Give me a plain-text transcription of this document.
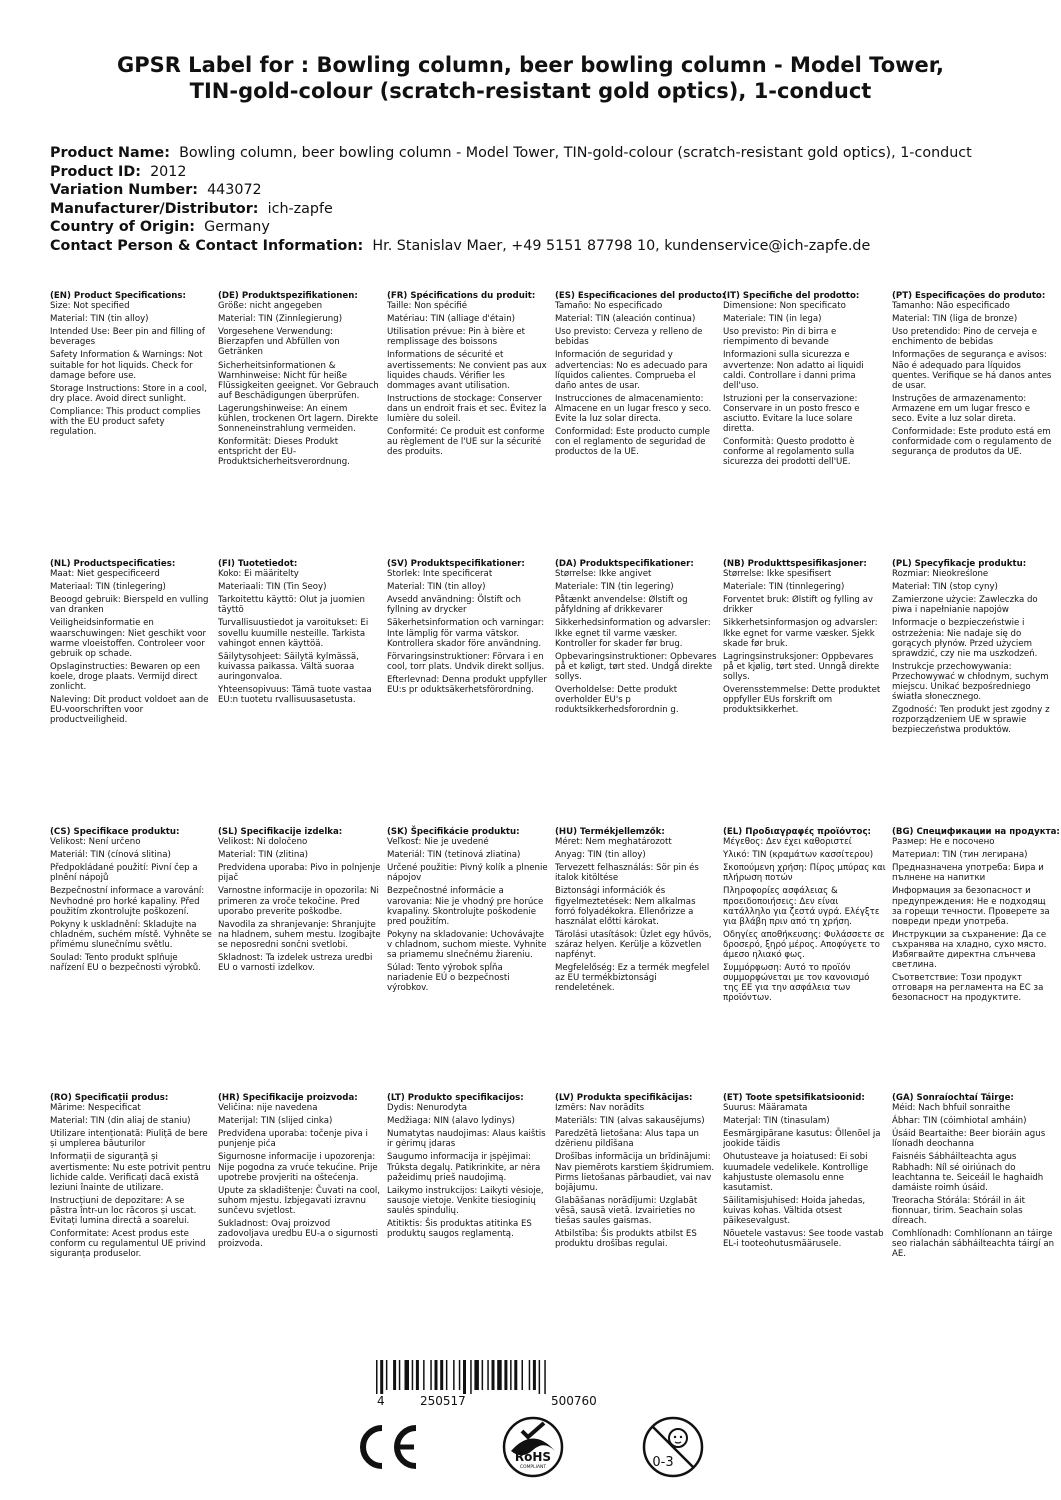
GPSR Label for : Bowling column, beer bowling column - Model Tower,
TIN-gold-colour (scratch-resistant gold optics), 1-conduct
Product Name: Bowling column, beer bowling column - Model Tower, TIN-gold-colour (scratch-resistant gold optics), 1-conduct
Product ID: 2012
Variation Number: 443072
Manufacturer/Distributor: ich-zapfe
Country of Origin: Germany
Contact Person & Contact Information: Hr. Stanislav Maer, +49 5151 87798 10, kundenservice@ich-zapfe.de
(EN) Product Specifications:
Size: Not specified
Material: TIN (tin alloy)
Intended Use: Beer pin and filling of beverages
Safety Information & Warnings: Not suitable for hot liquids. Check for damage before use.
Storage Instructions: Store in a cool, dry place. Avoid direct sunlight.
Compliance: This product complies with the EU product safety regulation.
(DE) Produktspezifikationen:
Größe: nicht angegeben
Material: TIN (Zinnlegierung)
Vorgesehene Verwendung: Bierzapfen und Abfüllen von Getränken
Sicherheitsinformationen & Warnhinweise: Nicht für heiße Flüssigkeiten geeignet. Vor Gebrauch auf Beschädigungen überprüfen.
Lagerungshinweise: An einem kühlen, trockenen Ort lagern. Direkte Sonneneinstrahlung vermeiden.
Konformität: Dieses Produkt entspricht der EU-Produktsicherheitsverordnung.
(FR) Spécifications du produit:
Taille: Non spécifié
Matériau: TIN (alliage d'étain)
Utilisation prévue: Pin à bière et remplissage des boissons
Informations de sécurité et avertissements: Ne convient pas aux liquides chauds. Vérifier les dommages avant utilisation.
Instructions de stockage: Conserver dans un endroit frais et sec. Évitez la lumière du soleil.
Conformité: Ce produit est conforme au règlement de l'UE sur la sécurité des produits.
(ES) Especificaciones del producto:
Tamaño: No especificado
Material: TIN (aleación continua)
Uso previsto: Cerveza y relleno de bebidas
Información de seguridad y advertencias: No es adecuado para líquidos calientes. Comprueba el daño antes de usar.
Instrucciones de almacenamiento: Almacene en un lugar fresco y seco. Evite la luz solar directa.
Conformidad: Este producto cumple con el reglamento de seguridad de productos de la UE.
(IT) Specifiche del prodotto:
Dimensione: Non specificato
Materiale: TIN (in lega)
Uso previsto: Pin di birra e riempimento di bevande
Informazioni sulla sicurezza e avvertenze: Non adatto ai liquidi caldi. Controllare i danni prima dell'uso.
Istruzioni per la conservazione: Conservare in un posto fresco e asciutto. Evitare la luce solare diretta.
Conformità: Questo prodotto è conforme al regolamento sulla sicurezza dei prodotti dell'UE.
(PT) Especificações do produto:
Tamanho: Não especificado
Material: TIN (liga de bronze)
Uso pretendido: Pino de cerveja e enchimento de bebidas
Informações de segurança e avisos: Não é adequado para líquidos quentes. Verifique se há danos antes de usar.
Instruções de armazenamento: Armazene em um lugar fresco e seco. Evite a luz solar direta.
Conformidade: Este produto está em conformidade com o regulamento de segurança de produtos da UE.
(NL) Productspecificaties:
Maat: Niet gespecificeerd
Materiaal: TIN (tinlegering)
Beoogd gebruik: Bierspeld en vulling van dranken
Veiligheidsinformatie en waarschuwingen: Niet geschikt voor warme vloeistoffen. Controleer voor gebruik op schade.
Opslaginstructies: Bewaren op een koele, droge plaats. Vermijd direct zonlicht.
Naleving: Dit product voldoet aan de EU-voorschriften voor productveiligheid.
(FI) Tuotetiedot:
Koko: Ei määritelty
Materiaali: TIN (Tin Seoy)
Tarkoitettu käyttö: Olut ja juomien täyttö
Turvallisuustiedot ja varoitukset: Ei sovellu kuumille nesteille. Tarkista vahingot ennen käyttöä.
Säilytysohjeet: Säilytä kylmässä, kuivassa paikassa. Vältä suoraa auringonvaloa.
Yhteensopivuus: Tämä tuote vastaa EU:n tuotetu rvallisuusasetusta.
(SV) Produktspecifikationer:
Storlek: Inte specificerat
Material: TIN (tin alloy)
Avsedd användning: Ölstift och fyllning av drycker
Säkerhetsinformation och varningar: Inte lämplig för varma vätskor. Kontrollera skador före användning.
Förvaringsinstruktioner: Förvara i en cool, torr plats. Undvik direkt solljus.
Efterlevnad: Denna produkt uppfyller EU:s pr oduktsäkerhetsförordning.
(DA) Produktspecifikationer:
Størrelse: Ikke angivet
Materiale: TIN (tin legering)
Påtænkt anvendelse: Ølstift og påfyldning af drikkevarer
Sikkerhedsinformation og advarsler: Ikke egnet til varme væsker. Kontroller for skader før brug.
Opbevaringsinstruktioner: Opbevares på et køligt, tørt sted. Undgå direkte sollys.
Overholdelse: Dette produkt overholder EU's p roduktsikkerhedsforordnin g.
(NB) Produkttspesifikasjoner:
Størrelse: Ikke spesifisert
Materiale: TIN (tinnlegering)
Forventet bruk: Ølstift og fylling av drikker
Sikkerhetsinformasjon og advarsler: Ikke egnet for varme væsker. Sjekk skade før bruk.
Lagringsinstruksjoner: Oppbevares på et kjølig, tørt sted. Unngå direkte sollys.
Overensstemmelse: Dette produktet oppfyller EUs forskrift om produktsikkerhet.
(PL) Specyfikacje produktu:
Rozmiar: Nieokreślone
Materiał: TIN (stop cyny)
Zamierzone użycie: Zawleczka do piwa i napełnianie napojów
Informacje o bezpieczeństwie i ostrzeżenia: Nie nadaje się do gorących płynów. Przed użyciem sprawdzić, czy nie ma uszkodzeń.
Instrukcje przechowywania: Przechowywać w chłodnym, suchym miejscu. Unikać bezpośredniego światła słonecznego.
Zgodność: Ten produkt jest zgodny z rozporządzeniem UE w sprawie bezpieczeństwa produktów.
(CS) Specifikace produktu:
Velikost: Není určeno
Materiál: TIN (cínová slitina)
Předpokládané použití: Pivní čep a plnění nápojů
Bezpečnostní informace a varování: Nevhodné pro horké kapaliny. Před použitím zkontrolujte poškození.
Pokyny k uskladnění: Skladujte na chladném, suchém místě. Vyhněte se přímému slunečnímu světlu.
Soulad: Tento produkt splňuje nařízení EU o bezpečnosti výrobků.
(SL) Specifikacije izdelka:
Velikost: Ni določeno
Material: TIN (zlitina)
Predvidena uporaba: Pivo in polnjenje pijač
Varnostne informacije in opozorila: Ni primeren za vroče tekočine. Pred uporabo preverite poškodbe.
Navodila za shranjevanje: Shranjujte na hladnem, suhem mestu. Izogibajte se neposredni sončni svetlobi.
Skladnost: Ta izdelek ustreza uredbi EU o varnosti izdelkov.
(SK) Špecifikácie produktu:
Veľkosť: Nie je uvedené
Materiál: TIN (tetinová zliatina)
Určené použitie: Pivný kolík a plnenie nápojov
Bezpečnostné informácie a varovania: Nie je vhodný pre horúce kvapaliny. Skontrolujte poškodenie pred použitím.
Pokyny na skladovanie: Uchovávajte v chladnom, suchom mieste. Vyhnite sa priamemu slnečnému žiareniu.
Súlad: Tento výrobok spĺňa nariadenie EÚ o bezpečnosti výrobkov.
(HU) Termékjellemzők:
Méret: Nem meghatározott
Anyag: TIN (tin alloy)
Tervezett felhasználás: Sör pin és italok kitöltése
Biztonsági információk és figyelmeztetések: Nem alkalmas forró folyadékokra. Ellenőrizze a használat előtti károkat.
Tárolási utasítások: Üzlet egy hűvös, száraz helyen. Kerülje a közvetlen napfényt.
Megfelelőség: Ez a termék megfelel az EU termékbiztonsági rendeletének.
(EL) Προδιαγραφές προϊόντος:
Μέγεθος: Δεν έχει καθοριστεί
Υλικό: TIN (κραμάτων κασσίτερου)
Σκοπούμενη χρήση: Πίρος μπύρας και πλήρωση ποτών
Πληροφορίες ασφάλειας & προειδοποιήσεις: Δεν είναι κατάλληλο για ζεστά υγρά. Ελέγξτε για βλάβη πριν από τη χρήση.
Οδηγίες αποθήκευσης: Φυλάσσετε σε δροσερό, ξηρό μέρος. Αποφύγετε το άμεσο ηλιακό φως.
Συμμόρφωση: Αυτό το προϊόν συμμορφώνεται με τον κανονισμό της ΕΕ για την ασφάλεια των προϊόντων.
(BG) Спецификации на продукта:
Размер: Не е посочено
Материал: TIN (тин легирана)
Предназначена употреба: Бира и пълнене на напитки
Информация за безопасност и предупреждения: Не е подходящ за горещи течности. Проверете за повреди преди употреба.
Инструкции за съхранение: Да се съхранява на хладно, сухо място. Избягвайте директна слънчева светлина.
Съответствие: Този продукт отговаря на регламента на ЕС за безопасност на продуктите.
(RO) Specificații produs:
Mărime: Nespecificat
Material: TIN (din aliaj de staniu)
Utilizare intenționată: Piuliță de bere și umplerea băuturilor
Informații de siguranță și avertismente: Nu este potrivit pentru lichide calde. Verificați dacă există leziuni înainte de utilizare.
Instrucțiuni de depozitare: A se păstra într-un loc răcoros și uscat. Evitați lumina directă a soarelui.
Conformitate: Acest produs este conform cu regulamentul UE privind siguranța produselor.
(HR) Specifikacije proizvoda:
Veličina: nije navedena
Materijal: TIN (slijed cinka)
Predviđena uporaba: točenje piva i punjenje pića
Sigurnosne informacije i upozorenja: Nije pogodna za vruće tekućine. Prije upotrebe provjeriti na oštećenja.
Upute za skladištenje: Čuvati na cool, suhom mjestu. Izbjegavati izravnu sunčevu svjetlost.
Sukladnost: Ovaj proizvod zadovoljava uredbu EU-a o sigurnosti proizvoda.
(LT) Produkto specifikacijos:
Dydis: Nenurodyta
Medžiaga: NIN (alavo lydinys)
Numatytas naudojimas: Alaus kaištis ir gėrimų įdaras
Saugumo informacija ir įspėjimai: Trūksta degalų. Patikrinkite, ar nėra pažeidimų prieš naudojimą.
Laikymo instrukcijos: Laikyti vėsioje, sausoje vietoje. Venkite tiesioginių saulės spindulių.
Atitiktis: Šis produktas atitinka ES produktų saugos reglamentą.
(LV) Produkta specifikācijas:
Izmērs: Nav norādīts
Materiāls: TIN (alvas sakausējums)
Paredzētā lietošana: Alus tapa un dzērienu pildīšana
Drošības informācija un brīdinājumi: Nav piemērots karstiem šķidrumiem. Pirms lietošanas pārbaudiet, vai nav bojājumu.
Glabāšanas norādījumi: Uzglabāt vēsā, sausā vietā. Izvairieties no tiešas saules gaismas.
Atbilstība: Šis produkts atbilst ES produktu drošības regulai.
(ET) Toote spetsifikatsioonid:
Suurus: Määramata
Materjal: TIN (tinasulam)
Eesmärgipärane kasutus: Õllenõel ja jookide täidis
Ohutusteave ja hoiatused: Ei sobi kuumadele vedelikele. Kontrollige kahjustuste olemasolu enne kasutamist.
Säilitamisjuhised: Hoida jahedas, kuivas kohas. Vältida otsest päikesevalgust.
Nõuetele vastavus: See toode vastab EL-i tooteohutusmäärusele.
(GA) Sonraíochtaí Táirge:
Méid: Nach bhfuil sonraithe
Ábhar: TIN (cóimhiotal amháin)
Úsáid Beartaithe: Beer bioráin agus líonadh deochanna
Faisnéis Sábháilteachta agus Rabhadh: Níl sé oiriúnach do leachtanna te. Seiceáil le haghaidh damáiste roimh úsáid.
Treoracha Stórála: Stóráil in áit fionnuar, tirim. Seachain solas díreach.
Comhlíonadh: Comhlíonann an táirge seo rialachán sábháilteachta táirgí an AE.
4	250517	500760
RoHS
COMPLIANT	0-3
